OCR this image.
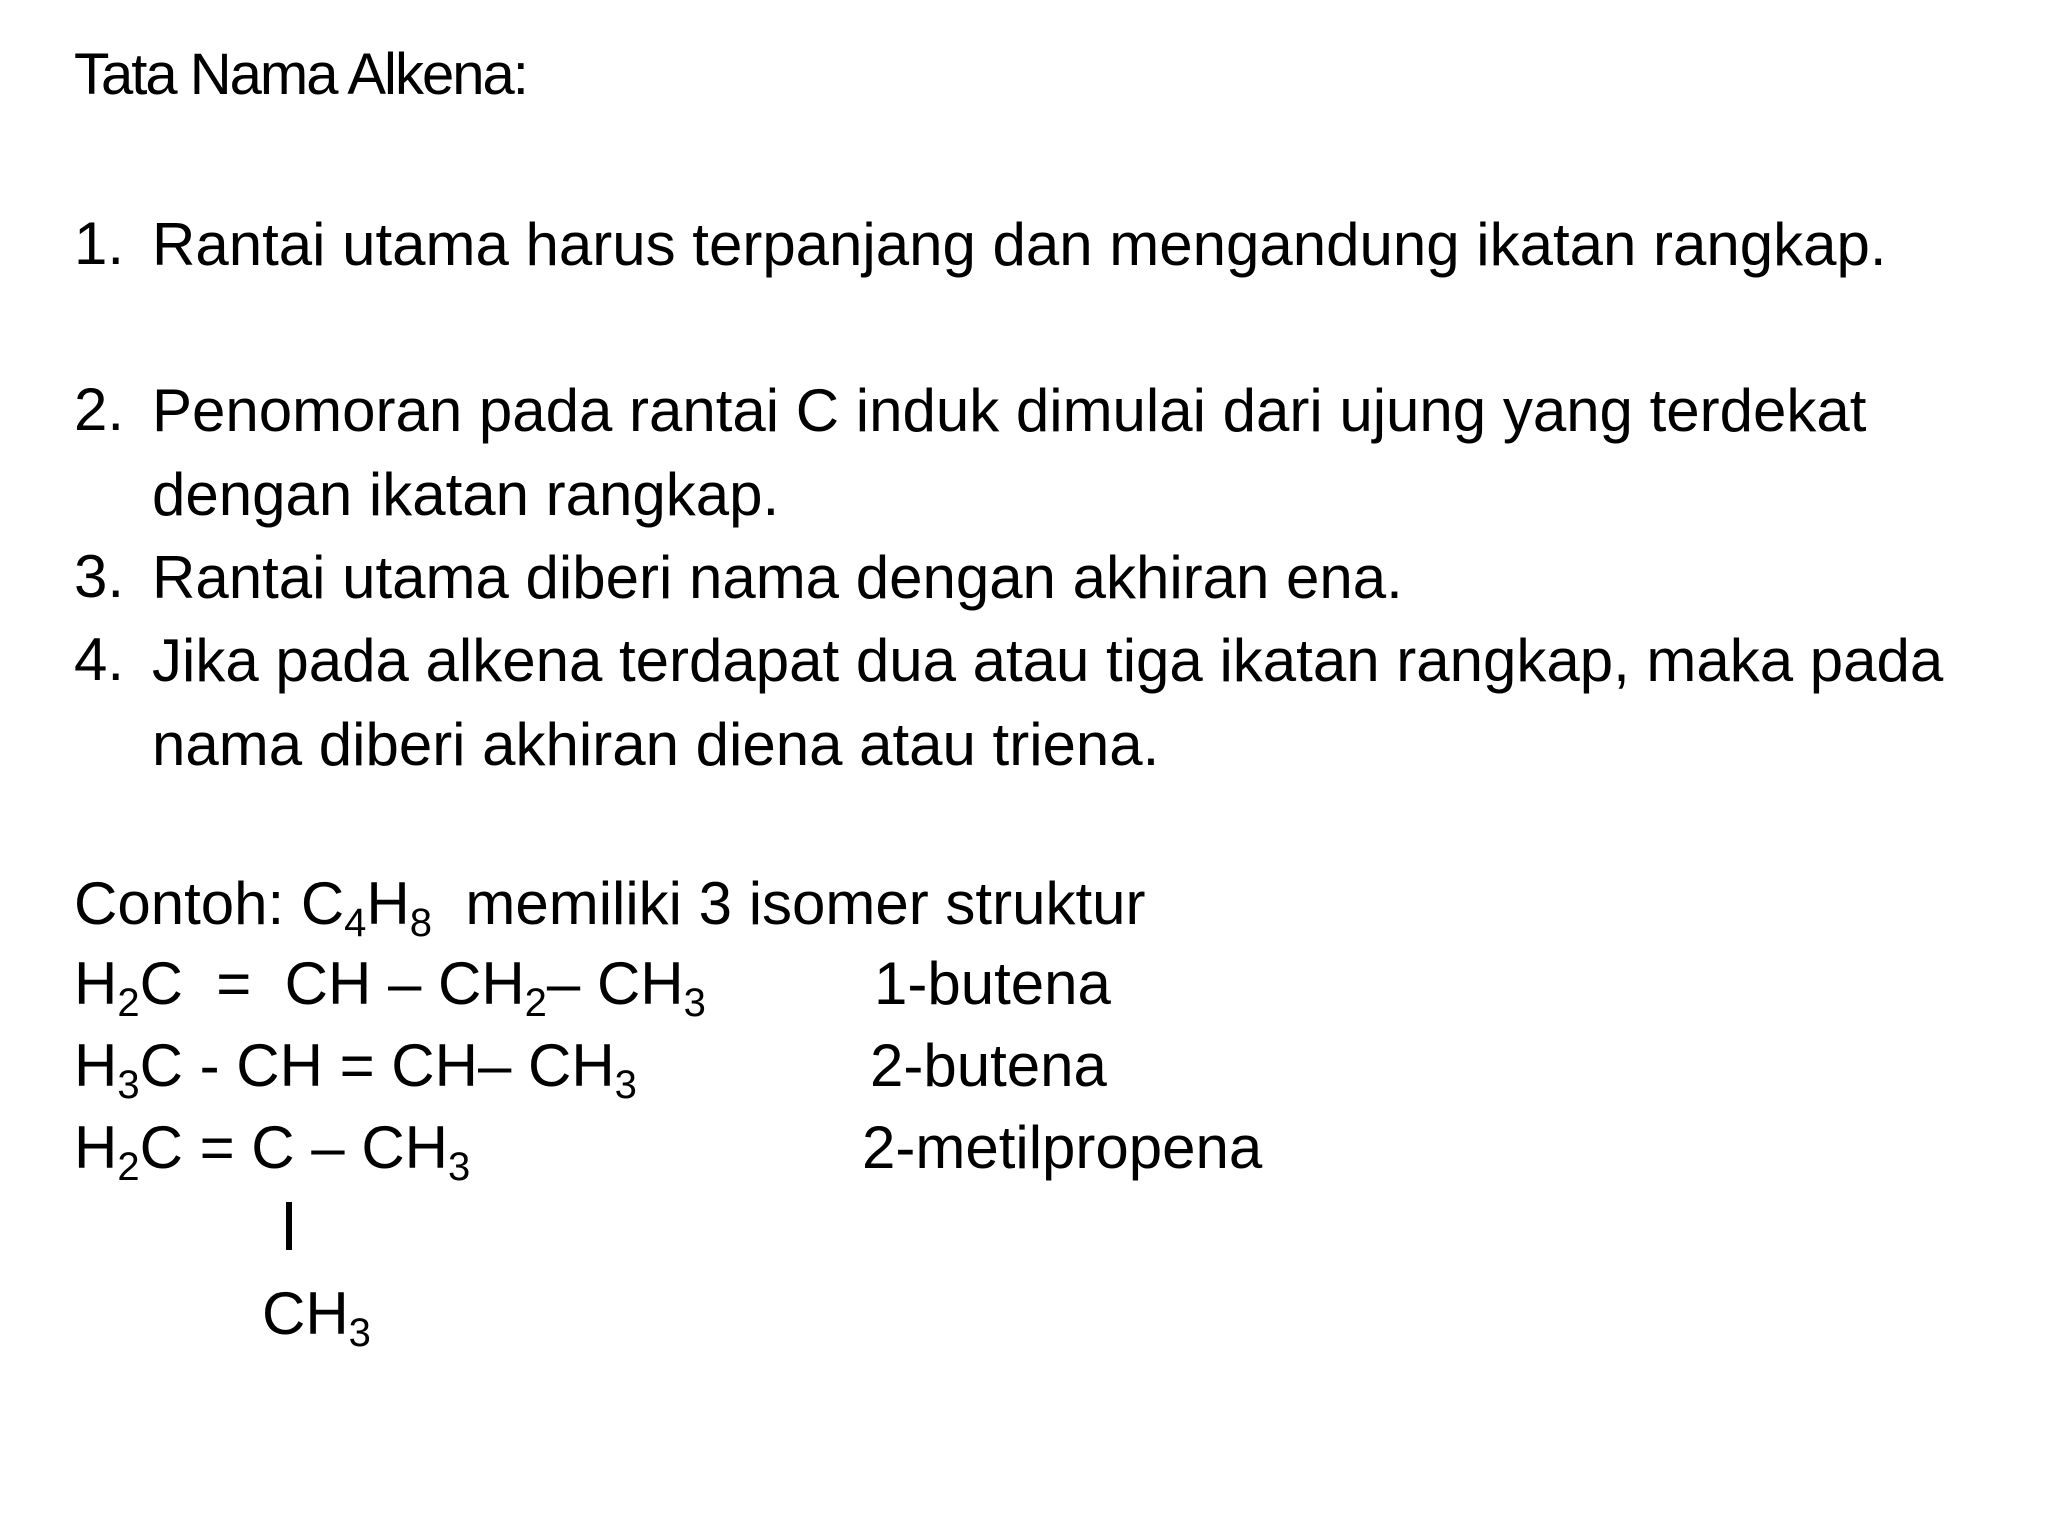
Tata Nama Alkena:
1. Rantai utama harus terpanjang dan mengandung ikatan rangkap.
2. Penomoran pada rantai C induk dimulai dari ujung yang terdekat dengan ikatan rangkap.
3. Rantai utama diberi nama dengan akhiran ena.
4. Jika pada alkena terdapat dua atau tiga ikatan rangkap, maka pada nama diberi akhiran diena atau triena.
Contoh: $C_4H_8$ memiliki 3 isomer struktur
$H_2C$  =  CH – $CH_2-$ $CH_3$	1-butena
$H_3C$ - CH = CH– $CH_3$	2-butena
$H_2C = C - CH_3$	2-metilpropena
$CH_3$
